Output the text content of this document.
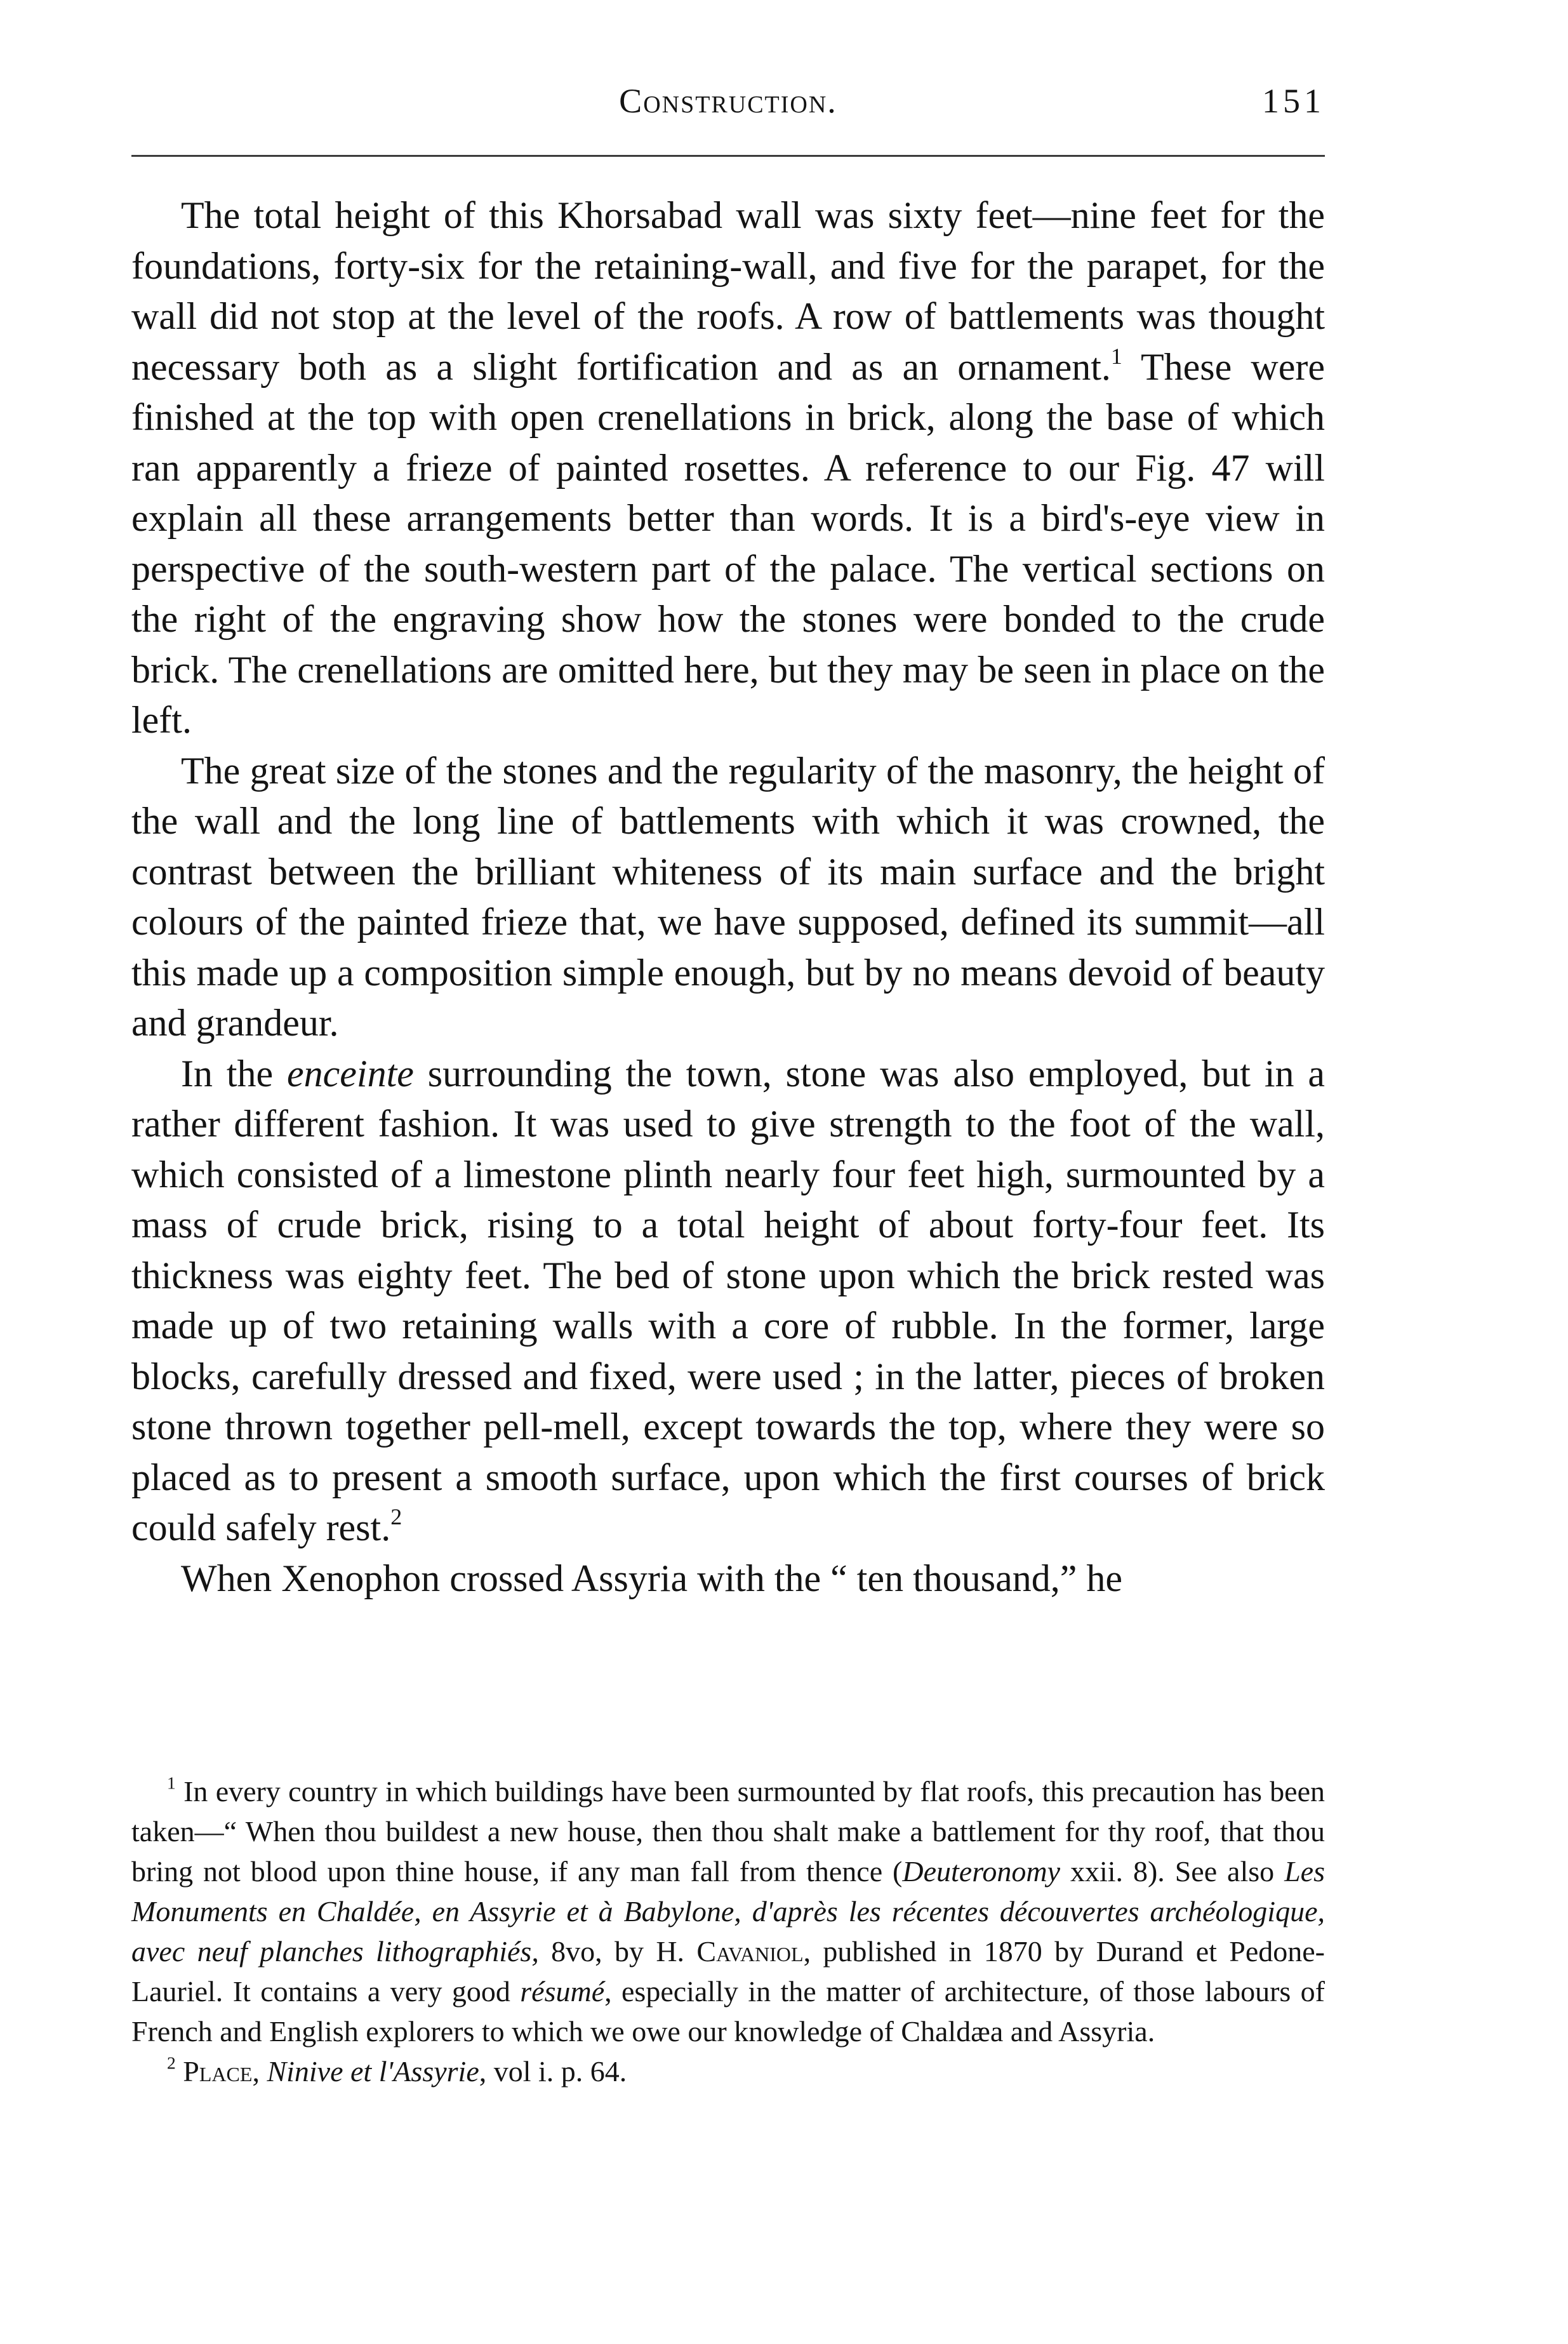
Construction.	151

The total height of this Khorsabad wall was sixty feet—nine feet for the foundations, forty-six for the retaining-wall, and five for the parapet, for the wall did not stop at the level of the roofs. A row of battlements was thought necessary both as a slight fortification and as an ornament.$^1$ These were finished at the top with open crenellations in brick, along the base of which ran apparently a frieze of painted rosettes. A reference to our Fig. 47 will explain all these arrangements better than words. It is a bird's-eye view in perspective of the south-western part of the palace. The vertical sections on the right of the engraving show how the stones were bonded to the crude brick. The crenellations are omitted here, but they may be seen in place on the left.

The great size of the stones and the regularity of the masonry, the height of the wall and the long line of battlements with which it was crowned, the contrast between the brilliant whiteness of its main surface and the bright colours of the painted frieze that, we have supposed, defined its summit—all this made up a composition simple enough, but by no means devoid of beauty and grandeur.

In the enceinte surrounding the town, stone was also employed, but in a rather different fashion. It was used to give strength to the foot of the wall, which consisted of a limestone plinth nearly four feet high, surmounted by a mass of crude brick, rising to a total height of about forty-four feet. Its thickness was eighty feet. The bed of stone upon which the brick rested was made up of two retaining walls with a core of rubble. In the former, large blocks, carefully dressed and fixed, were used ; in the latter, pieces of broken stone thrown together pell-mell, except towards the top, where they were so placed as to present a smooth surface, upon which the first courses of brick could safely rest.$^2$

When Xenophon crossed Assyria with the “ ten thousand,” he

$^1$ In every country in which buildings have been surmounted by flat roofs, this precaution has been taken—“ When thou buildest a new house, then thou shalt make a battlement for thy roof, that thou bring not blood upon thine house, if any man fall from thence (Deuteronomy xxii. 8). See also Les Monuments en Chaldée, en Assyrie et à Babylone, d'après les récentes découvertes archéologique, avec neuf planches lithographiés, 8vo, by H. Cavaniol, published in 1870 by Durand et Pedone-Lauriel. It contains a very good résumé, especially in the matter of architecture, of those labours of French and English explorers to which we owe our knowledge of Chaldæa and Assyria.

$^2$ Place, Ninive et l'Assyrie, vol i. p. 64.
